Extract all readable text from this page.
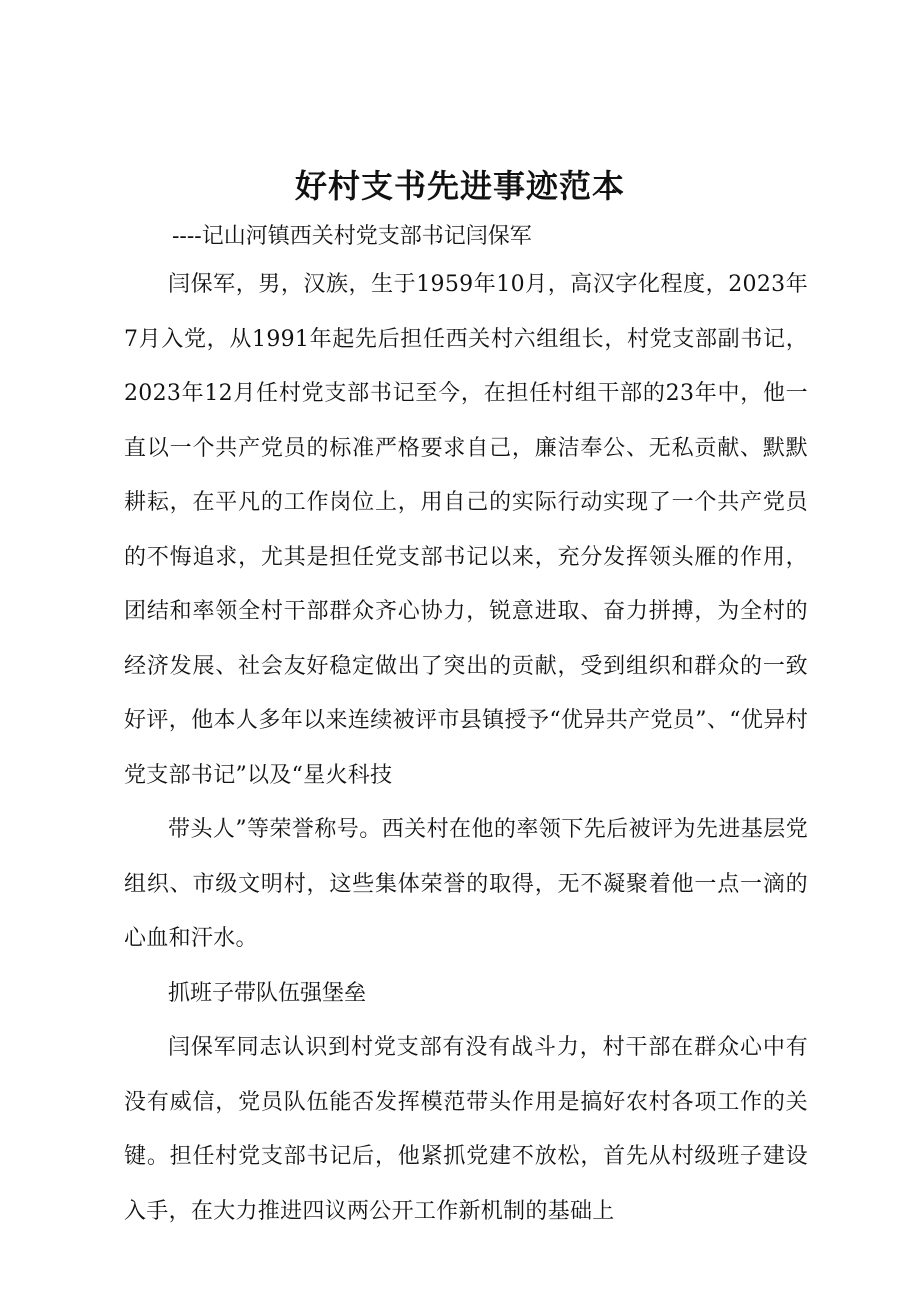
好村支书先进事迹范本

----记山河镇西关村党支部书记闫保军

闫保军，男，汉族，生于1959年10月，高汉字化程度，2023年7月入党，从1991年起先后担任西关村六组组长，村党支部副书记，2023年12月任村党支部书记至今，在担任村组干部的23年中，他一直以一个共产党员的标准严格要求自己，廉洁奉公、无私贡献、默默耕耘，在平凡的工作岗位上，用自己的实际行动实现了一个共产党员的不悔追求，尤其是担任党支部书记以来，充分发挥领头雁的作用，团结和率领全村干部群众齐心协力，锐意进取、奋力拼搏，为全村的经济发展、社会友好稳定做出了突出的贡献，受到组织和群众的一致好评，他本人多年以来连续被评市县镇授予“优异共产党员”、“优异村党支部书记”以及“星火科技

带头人”等荣誉称号。西关村在他的率领下先后被评为先进基层党组织、市级文明村，这些集体荣誉的取得，无不凝聚着他一点一滴的心血和汗水。

抓班子带队伍强堡垒

闫保军同志认识到村党支部有没有战斗力，村干部在群众心中有没有威信，党员队伍能否发挥模范带头作用是搞好农村各项工作的关键。担任村党支部书记后，他紧抓党建不放松，首先从村级班子建设入手，在大力推进四议两公开工作新机制的基础上
